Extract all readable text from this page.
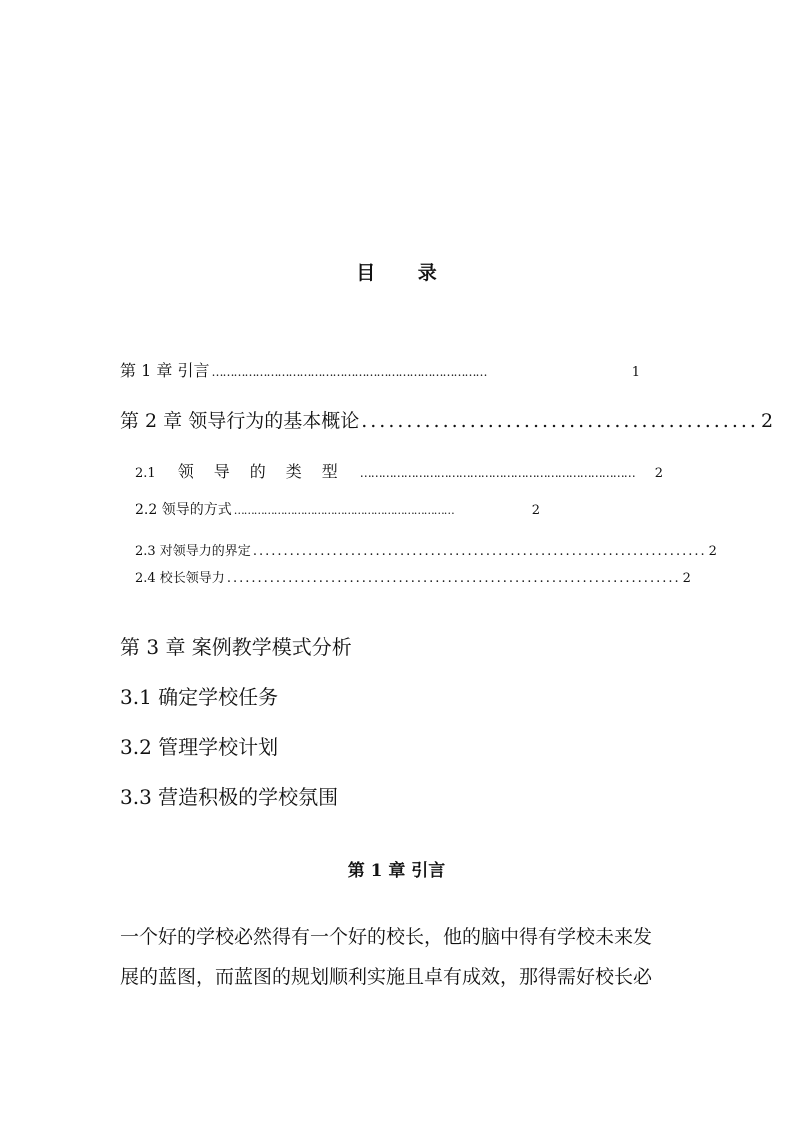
目 录
第 1 章 引言 …………………………………………………………………	1
第 2 章 领导行为的基本概论 ............................................ 2
2.1 领导的类型 …………………………………………………………………	2
2.2 领导的方式 …………………………………………………………	2
2.3 对领导力的界定 .......................................................................... 2
2.4 校长领导力 .......................................................................... 2
第 3 章 案例教学模式分析
3.1 确定学校任务
3.2 管理学校计划
3.3 营造积极的学校氛围
第 1 章 引言
一个好的学校必然得有一个好的校长，他的脑中得有学校未来发
展的蓝图，而蓝图的规划顺利实施且卓有成效，那得需好校长必
